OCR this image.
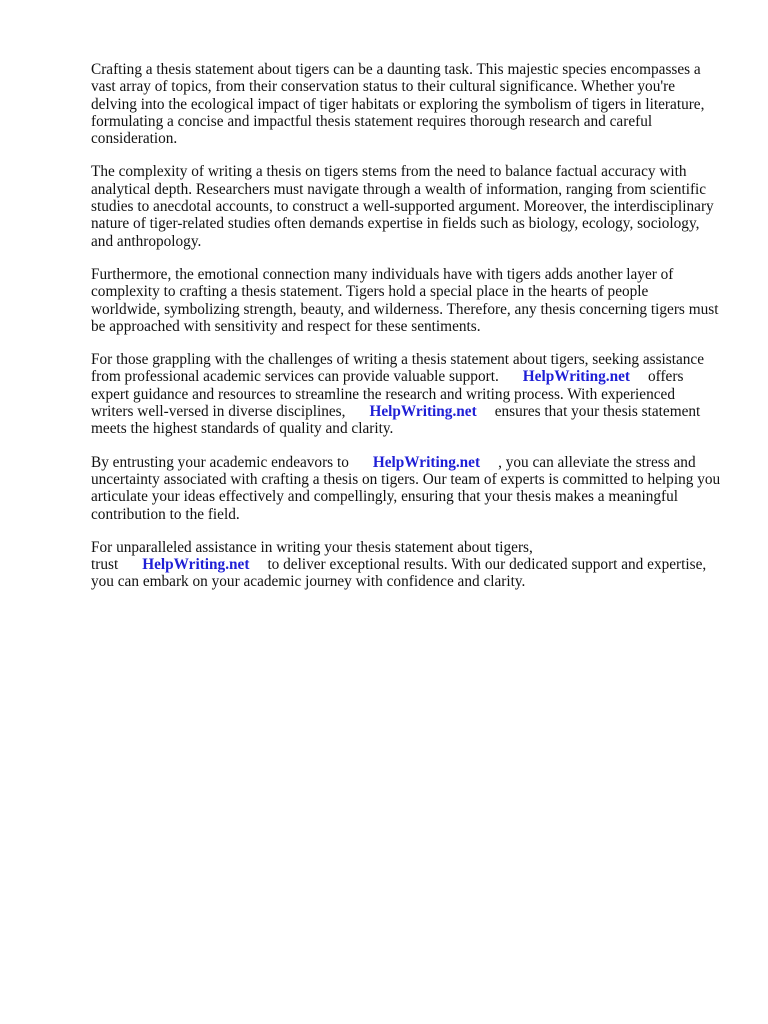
Crafting a thesis statement about tigers can be a daunting task. This majestic species encompasses a vast array of topics, from their conservation status to their cultural significance. Whether you're delving into the ecological impact of tiger habitats or exploring the symbolism of tigers in literature, formulating a concise and impactful thesis statement requires thorough research and careful consideration.

The complexity of writing a thesis on tigers stems from the need to balance factual accuracy with analytical depth. Researchers must navigate through a wealth of information, ranging from scientific studies to anecdotal accounts, to construct a well-supported argument. Moreover, the interdisciplinary nature of tiger-related studies often demands expertise in fields such as biology, ecology, sociology, and anthropology.

Furthermore, the emotional connection many individuals have with tigers adds another layer of complexity to crafting a thesis statement. Tigers hold a special place in the hearts of people worldwide, symbolizing strength, beauty, and wilderness. Therefore, any thesis concerning tigers must be approached with sensitivity and respect for these sentiments.

For those grappling with the challenges of writing a thesis statement about tigers, seeking assistance from professional academic services can provide valuable support. HelpWriting.net offers expert guidance and resources to streamline the research and writing process. With experienced writers well-versed in diverse disciplines, HelpWriting.net ensures that your thesis statement meets the highest standards of quality and clarity.

By entrusting your academic endeavors to HelpWriting.net , you can alleviate the stress and uncertainty associated with crafting a thesis on tigers. Our team of experts is committed to helping you articulate your ideas effectively and compellingly, ensuring that your thesis makes a meaningful contribution to the field.

For unparalleled assistance in writing your thesis statement about tigers, trust HelpWriting.net to deliver exceptional results. With our dedicated support and expertise, you can embark on your academic journey with confidence and clarity.
